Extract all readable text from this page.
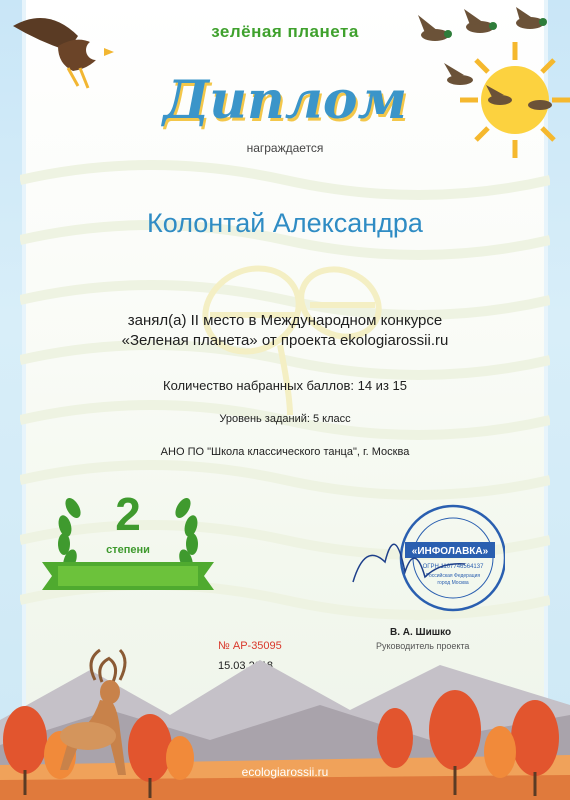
зелёная планета
Диплом
награждается
Колонтай Александра
занял(а) II место в Международном конкурсе
«Зеленая планета» от проекта ekologiarossii.ru
Количество набранных баллов: 14 из 15
Уровень заданий: 5 класс
АНО ПО "Школа классического танца", г. Москва
2
степени
№ АР-35095
15.03.2018
«ИНФОЛАВКА»
ОГРН 1107746564137
Российская Федерация
город Москва
В. А. Шишко
Руководитель проекта
ecologiarossii.ru
